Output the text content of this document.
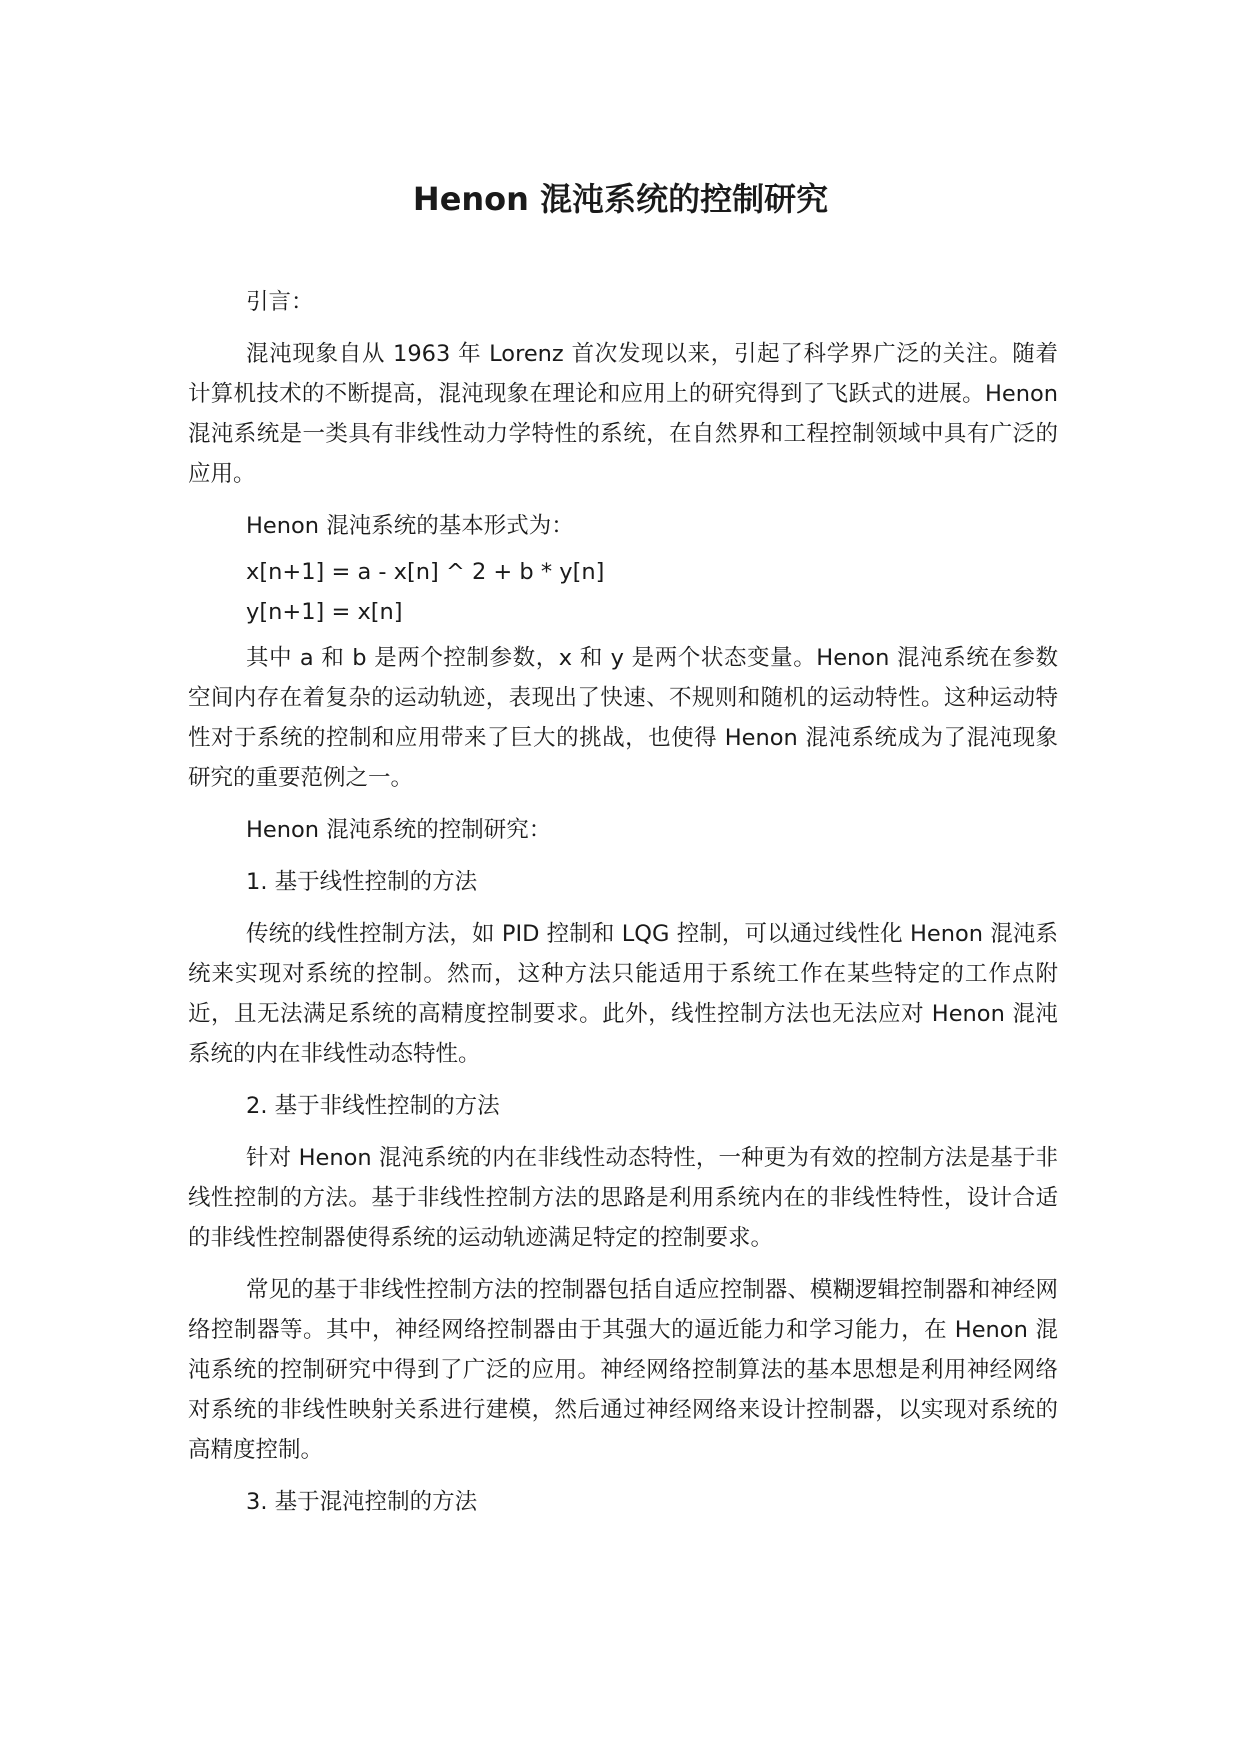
Henon 混沌系统的控制研究

引言：

混沌现象自从 1963 年 Lorenz 首次发现以来，引起了科学界广泛的关注。随着计算机技术的不断提高，混沌现象在理论和应用上的研究得到了飞跃式的进展。Henon 混沌系统是一类具有非线性动力学特性的系统，在自然界和工程控制领域中具有广泛的应用。

Henon 混沌系统的基本形式为：

x[n+1] = a - x[n] ^ 2 + b * y[n]

y[n+1] = x[n]

其中 a 和 b 是两个控制参数，x 和 y 是两个状态变量。Henon 混沌系统在参数空间内存在着复杂的运动轨迹，表现出了快速、不规则和随机的运动特性。这种运动特性对于系统的控制和应用带来了巨大的挑战，也使得 Henon 混沌系统成为了混沌现象研究的重要范例之一。

Henon 混沌系统的控制研究：

1. 基于线性控制的方法

传统的线性控制方法，如 PID 控制和 LQG 控制，可以通过线性化 Henon 混沌系统来实现对系统的控制。然而，这种方法只能适用于系统工作在某些特定的工作点附近，且无法满足系统的高精度控制要求。此外，线性控制方法也无法应对 Henon 混沌系统的内在非线性动态特性。

2. 基于非线性控制的方法

针对 Henon 混沌系统的内在非线性动态特性，一种更为有效的控制方法是基于非线性控制的方法。基于非线性控制方法的思路是利用系统内在的非线性特性，设计合适的非线性控制器使得系统的运动轨迹满足特定的控制要求。

常见的基于非线性控制方法的控制器包括自适应控制器、模糊逻辑控制器和神经网络控制器等。其中，神经网络控制器由于其强大的逼近能力和学习能力，在 Henon 混沌系统的控制研究中得到了广泛的应用。神经网络控制算法的基本思想是利用神经网络对系统的非线性映射关系进行建模，然后通过神经网络来设计控制器，以实现对系统的高精度控制。

3. 基于混沌控制的方法
